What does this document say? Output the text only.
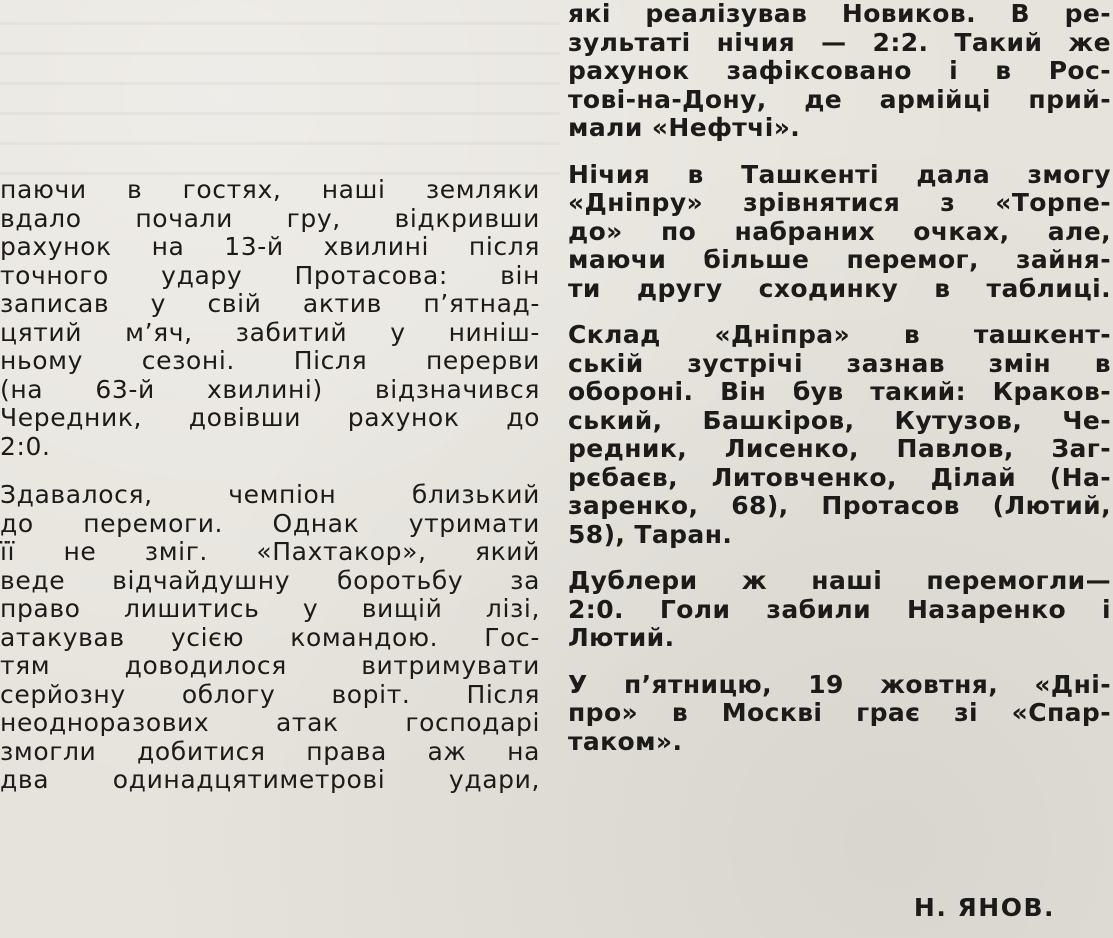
паючи в гостях, наші земляки
вдало почали гру, відкривши
рахунок на 13-й хвилині після
точного удару Протасова: він
записав у свій актив п’ятнад-
цятий м’яч, забитий у ниніш-
ньому сезоні. Після перерви
(на 63-й хвилині) відзначився
Чередник, довівши рахунок до
2:0.

Здавалося, чемпіон близький
до перемоги. Однак утримати
її не зміг. «Пахтакор», який
веде відчайдушну боротьбу за
право лишитись у вищій лізі,
атакував усією командою. Гос-
тям доводилося витримувати
серйозну облогу воріт. Після
неодноразових атак господарі
змогли добитися права аж на
два одинадцятиметрові удари,

які реалізував Новиков. В ре-
зультаті нічия — 2:2. Такий же
рахунок зафіксовано і в Рос-
тові-на-Дону, де армійці прий-
мали «Нефтчі».

Нічия в Ташкенті дала змогу
«Дніпру» зрівнятися з «Торпе-
до» по набраних очках, але,
маючи більше перемог, зайня-
ти другу сходинку в таблиці.

Склад «Дніпра» в ташкент-
ській зустрічі зазнав змін в
обороні. Він був такий: Краков-
ський, Башкіров, Кутузов, Че-
редник, Лисенко, Павлов, Заг-
рєбаєв, Литовченко, Ділай (На-
заренко, 68), Протасов (Лютий,
58), Таран.

Дублери ж наші перемогли—
2:0. Голи забили Назаренко і
Лютий.

У п’ятницю, 19 жовтня, «Дні-
про» в Москві грає зі «Спар-
таком».

Н. ЯНОВ.
